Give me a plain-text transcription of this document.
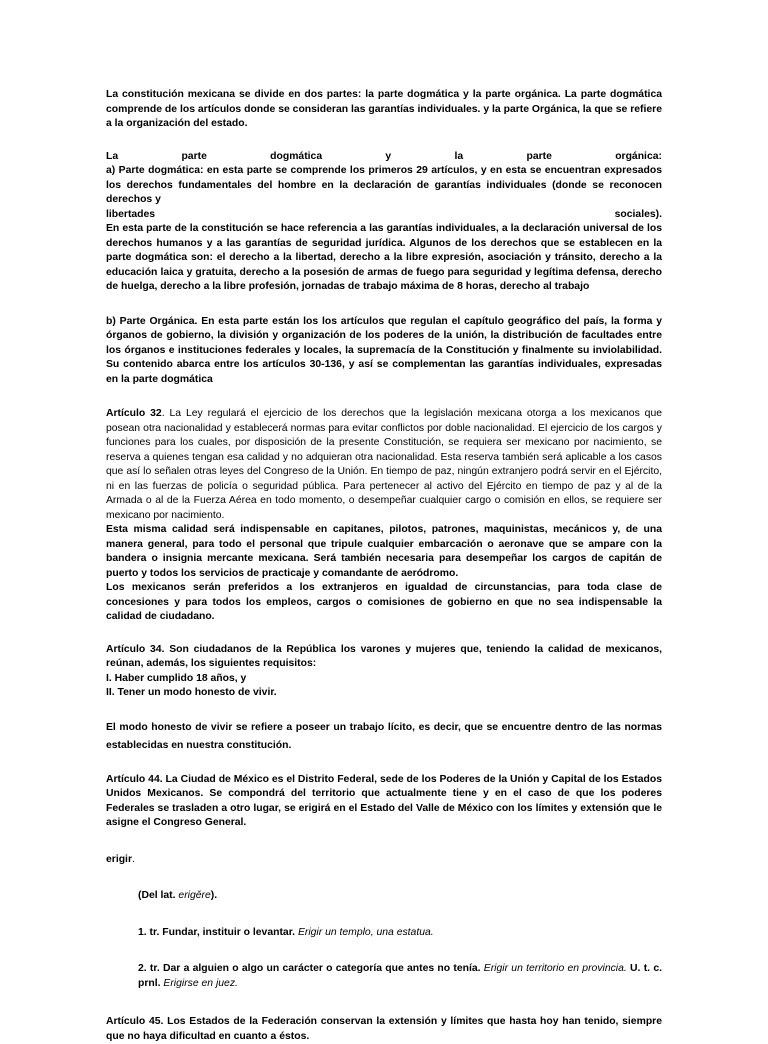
La constitución mexicana se divide en dos partes: la parte dogmática y la parte orgánica. La parte dogmática comprende de los artículos donde se consideran las garantías individuales. y la parte Orgánica, la que se refiere a la organización del estado.

La	parte	dogmática	y	la	parte	orgánica:

a) Parte dogmática: en esta parte se comprende los primeros 29 artículos, y en esta se encuentran expresados los derechos fundamentales del hombre en la declaración de garantías individuales (donde se reconocen derechos y

libertades	sociales).

En esta parte de la constitución se hace referencia a las garantías individuales, a la declaración universal de los derechos humanos y a las garantías de seguridad jurídica. Algunos de los derechos que se establecen en la parte dogmática son: el derecho a la libertad, derecho a la libre expresión, asociación y tránsito, derecho a la educación laica y gratuita, derecho a la posesión de armas de fuego para seguridad y legítima defensa, derecho de huelga, derecho a la libre profesión, jornadas de trabajo máxima de 8 horas, derecho al trabajo

b) Parte Orgánica. En esta parte están los los artículos que regulan el capítulo geográfico del país, la forma y órganos de gobierno, la división y organización de los poderes de la unión, la distribución de facultades entre los órganos e instituciones federales y locales, la supremacía de la Constitución y finalmente su inviolabilidad. Su contenido abarca entre los artículos 30-136, y así se complementan las garantías individuales, expresadas en la parte dogmática

Artículo 32. La Ley regulará el ejercicio de los derechos que la legislación mexicana otorga a los mexicanos que posean otra nacionalidad y establecerá normas para evitar conflictos por doble nacionalidad. El ejercicio de los cargos y funciones para los cuales, por disposición de la presente Constitución, se requiera ser mexicano por nacimiento, se reserva a quienes tengan esa calidad y no adquieran otra nacionalidad. Esta reserva también será aplicable a los casos que así lo señalen otras leyes del Congreso de la Unión. En tiempo de paz, ningún extranjero podrá servir en el Ejército, ni en las fuerzas de policía o seguridad pública. Para pertenecer al activo del Ejército en tiempo de paz y al de la Armada o al de la Fuerza Aérea en todo momento, o desempeñar cualquier cargo o comisión en ellos, se requiere ser mexicano por nacimiento.

Esta misma calidad será indispensable en capitanes, pilotos, patrones, maquinistas, mecánicos y, de una manera general, para todo el personal que tripule cualquier embarcación o aeronave que se ampare con la bandera o insignia mercante mexicana. Será también necesaria para desempeñar los cargos de capitán de puerto y todos los servicios de practicaje y comandante de aeródromo.

Los mexicanos serán preferidos a los extranjeros en igualdad de circunstancias, para toda clase de concesiones y para todos los empleos, cargos o comisiones de gobierno en que no sea indispensable la calidad de ciudadano.

Artículo 34. Son ciudadanos de la República los varones y mujeres que, teniendo la calidad de mexicanos, reúnan, además, los siguientes requisitos:

I. Haber cumplido 18 años, y

II. Tener un modo honesto de vivir.

El modo honesto de vivir se refiere a poseer un trabajo lícito, es decir, que se encuentre dentro de las normas establecidas en nuestra constitución.

Artículo 44. La Ciudad de México es el Distrito Federal, sede de los Poderes de la Unión y Capital de los Estados Unidos Mexicanos. Se compondrá del territorio que actualmente tiene y en el caso de que los poderes Federales se trasladen a otro lugar, se erigirá en el Estado del Valle de México con los límites y extensión que le asigne el Congreso General.

erigir.

(Del lat. erigĕre).

1. tr. Fundar, instituir o levantar. Erigir un templo, una estatua.

2. tr. Dar a alguien o algo un carácter o categoría que antes no tenía. Erigir un territorio en provincia. U. t. c. prnl. Erigirse en juez.

Artículo 45. Los Estados de la Federación conservan la extensión y límites que hasta hoy han tenido, siempre que no haya dificultad en cuanto a éstos.
